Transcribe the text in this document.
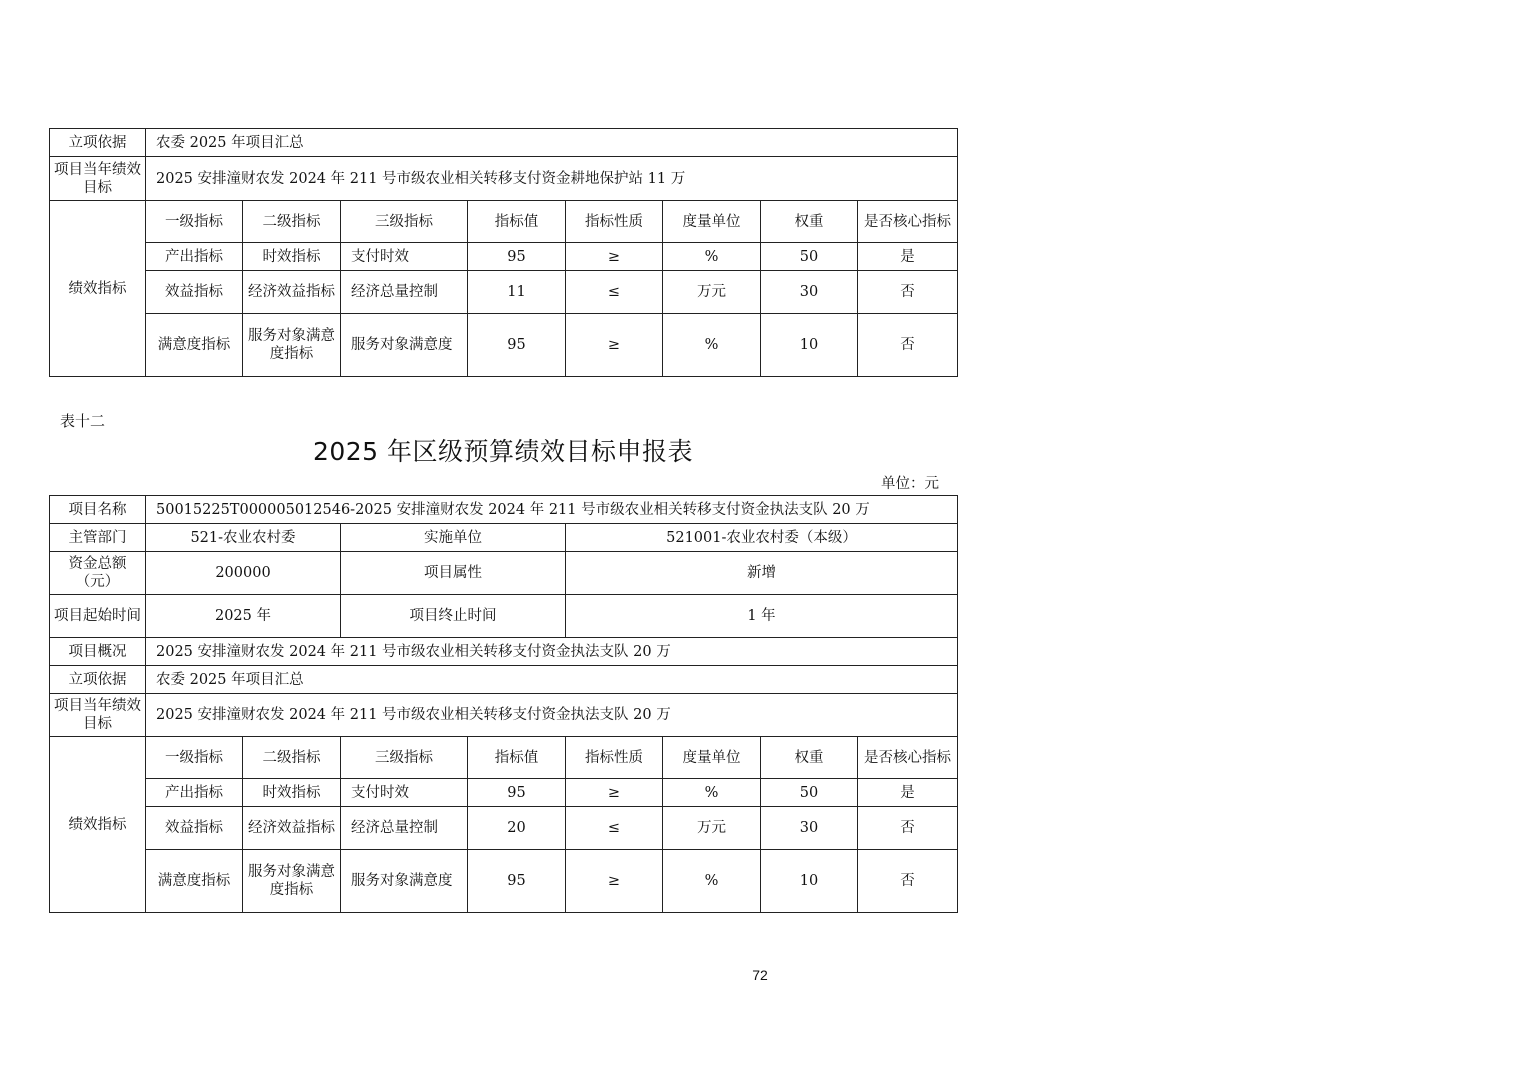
立项依据	农委 2025 年项目汇总							
项目当年绩效目标	2025 安排潼财农发 2024 年 211 号市级农业相关转移支付资金耕地保护站 11 万							
绩效指标	一级指标	二级指标	三级指标	指标值	指标性质	度量单位	权重	是否核心指标
	产出指标	时效指标	支付时效	95	≥	%	50	是
	效益指标	经济效益指标	经济总量控制	11	≤	万元	30	否
	满意度指标	服务对象满意度指标	服务对象满意度	95	≥	%	10	否
表十二
2025 年区级预算绩效目标申报表
单位：元
项目名称	50015225T000005012546-2025 安排潼财农发 2024 年 211 号市级农业相关转移支付资金执法支队 20 万							
主管部门	521-农业农村委		实施单位		521001-农业农村委（本级）			
资金总额（元）	200000		项目属性		新增			
项目起始时间	2025 年		项目终止时间		1 年			
项目概况	2025 安排潼财农发 2024 年 211 号市级农业相关转移支付资金执法支队 20 万							
立项依据	农委 2025 年项目汇总							
项目当年绩效目标	2025 安排潼财农发 2024 年 211 号市级农业相关转移支付资金执法支队 20 万							
绩效指标	一级指标	二级指标	三级指标	指标值	指标性质	度量单位	权重	是否核心指标
	产出指标	时效指标	支付时效	95	≥	%	50	是
	效益指标	经济效益指标	经济总量控制	20	≤	万元	30	否
	满意度指标	服务对象满意度指标	服务对象满意度	95	≥	%	10	否
72
